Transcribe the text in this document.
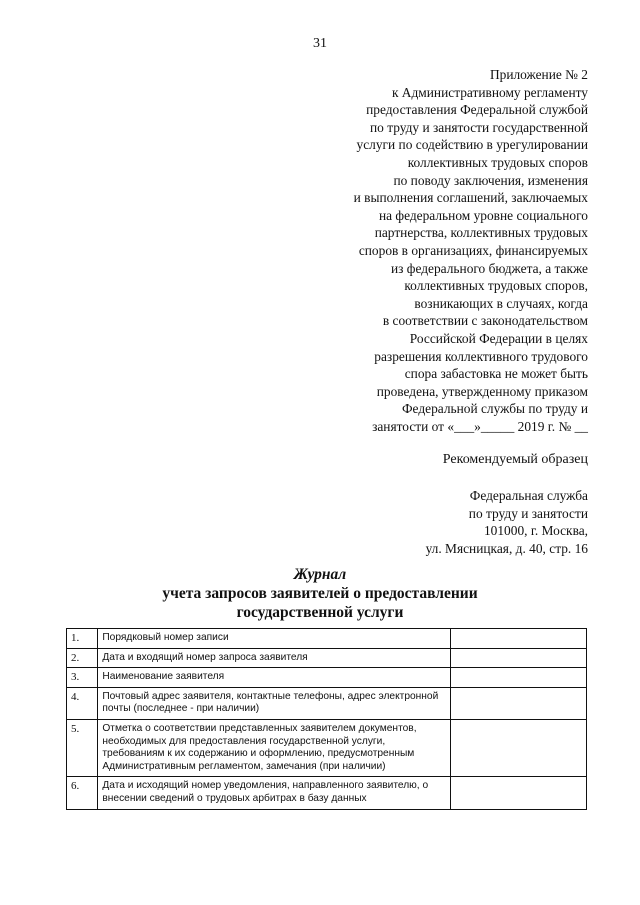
31
Приложение № 2
к Административному регламенту
предоставления Федеральной службой
по труду и занятости государственной
услуги по содействию в урегулировании
коллективных трудовых споров
по поводу заключения, изменения
и выполнения соглашений, заключаемых
на федеральном уровне социального
партнерства, коллективных трудовых
споров в организациях, финансируемых
из федерального бюджета, а также
коллективных трудовых споров,
возникающих в случаях, когда
в соответствии с законодательством
Российской Федерации в целях
разрешения коллективного трудового
спора забастовка не может быть
проведена, утвержденному приказом
Федеральной службы по труду и
занятости от «___»_____ 2019 г. № __
Рекомендуемый образец
Федеральная служба
по труду и занятости
101000, г. Москва,
ул. Мясницкая, д. 40, стр. 16
Журнал
учета запросов заявителей о предоставлении
государственной услуги
1.	Порядковый номер записи	
2.	Дата и входящий номер запроса заявителя	
3.	Наименование заявителя	
4.	Почтовый адрес заявителя, контактные телефоны, адрес электронной почты (последнее - при наличии)	
5.	Отметка о соответствии представленных заявителем документов, необходимых для предоставления государственной услуги, требованиям к их содержанию и оформлению, предусмотренным Административным регламентом, замечания (при наличии)	
6.	Дата и исходящий номер уведомления, направленного заявителю, о внесении сведений о трудовых арбитрах в базу данных	
